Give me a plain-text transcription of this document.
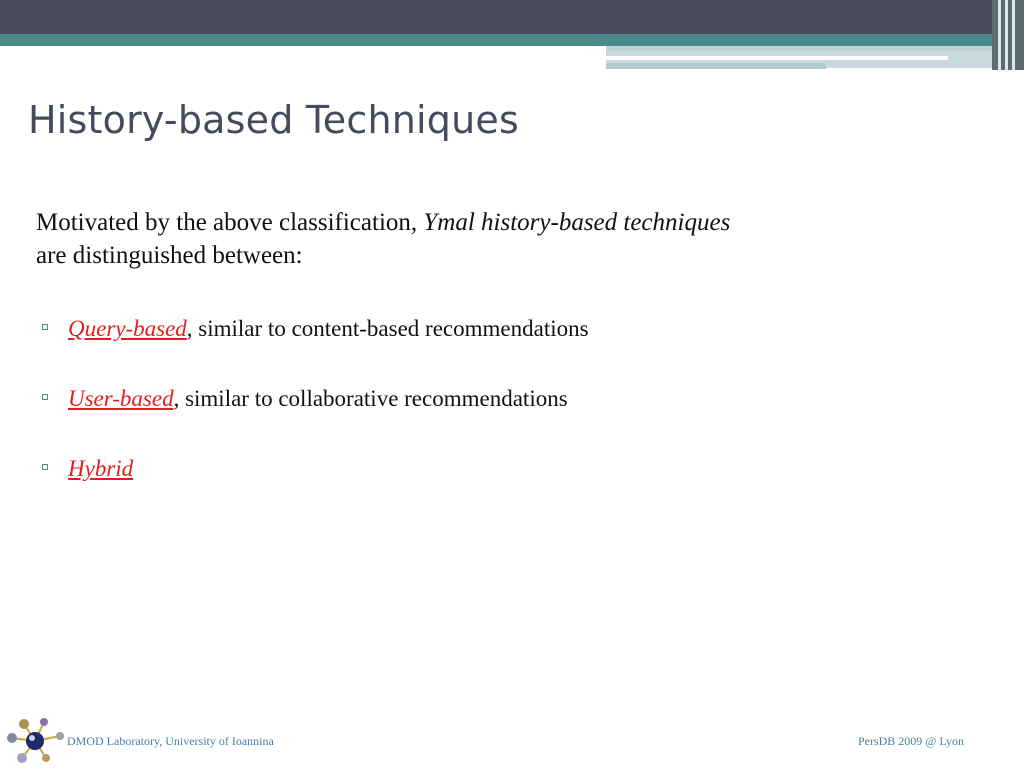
History-based Techniques

Motivated by the above classification, Ymal history-based techniques
are distinguished between:

Query-based, similar to content-based recommendations
User-based, similar to collaborative recommendations
Hybrid
DMOD Laboratory, University of Ioannina	PersDB 2009 @ Lyon
